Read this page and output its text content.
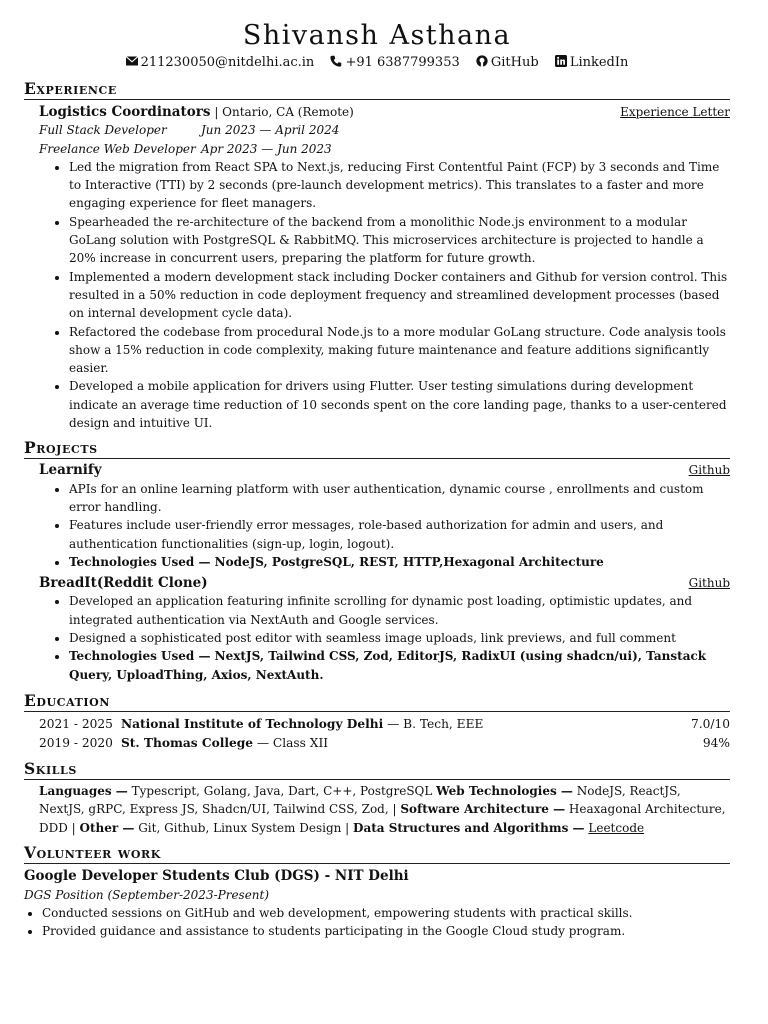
Shivansh Asthana
211230050@nitdelhi.ac.in +91 6387799353 GitHub LinkedIn
Experience
Logistics Coordinators | Ontario, CA (Remote)	Experience Letter
Full Stack Developer	Jun 2023 — April 2024
Freelance Web Developer Apr 2023 — Jun 2023
• Led the migration from React SPA to Next.js, reducing First Contentful Paint (FCP) by 3 seconds and Time to Interactive (TTI) by 2 seconds (pre-launch development metrics). This translates to a faster and more engaging experience for fleet managers.
• Spearheaded the re-architecture of the backend from a monolithic Node.js environment to a modular GoLang solution with PostgreSQL & RabbitMQ. This microservices architecture is projected to handle a 20% increase in concurrent users, preparing the platform for future growth.
• Implemented a modern development stack including Docker containers and Github for version control. This resulted in a 50% reduction in code deployment frequency and streamlined development processes (based on internal development cycle data).
• Refactored the codebase from procedural Node.js to a more modular GoLang structure. Code analysis tools show a 15% reduction in code complexity, making future maintenance and feature additions significantly easier.
• Developed a mobile application for drivers using Flutter. User testing simulations during development indicate an average time reduction of 10 seconds spent on the core landing page, thanks to a user-centered design and intuitive UI.
Projects
Learnify	Github
• APIs for an online learning platform with user authentication, dynamic course , enrollments and custom error handling.
• Features include user-friendly error messages, role-based authorization for admin and users, and authentication functionalities (sign-up, login, logout).
• Technologies Used — NodeJS, PostgreSQL, REST, HTTP,Hexagonal Architecture
BreadIt(Reddit Clone)	Github
• Developed an application featuring infinite scrolling for dynamic post loading, optimistic updates, and integrated authentication via NextAuth and Google services.
• Designed a sophisticated post editor with seamless image uploads, link previews, and full comment
• Technologies Used — NextJS, Tailwind CSS, Zod, EditorJS, RadixUI (using shadcn/ui), Tanstack Query, UploadThing, Axios, NextAuth.
Education
2021 - 2025 National Institute of Technology Delhi — B. Tech, EEE	7.0/10
2019 - 2020 St. Thomas College — Class XII	94%
Skills
Languages — Typescript, Golang, Java, Dart, C++, PostgreSQL Web Technologies — NodeJS, ReactJS, NextJS, gRPC, Express JS, Shadcn/UI, Tailwind CSS, Zod, | Software Architecture — Heaxagonal Architecture, DDD | Other — Git, Github, Linux System Design | Data Structures and Algorithms — Leetcode
Volunteer work
Google Developer Students Club (DGS) - NIT Delhi
DGS Position (September-2023-Present)
• Conducted sessions on GitHub and web development, empowering students with practical skills.
• Provided guidance and assistance to students participating in the Google Cloud study program.
